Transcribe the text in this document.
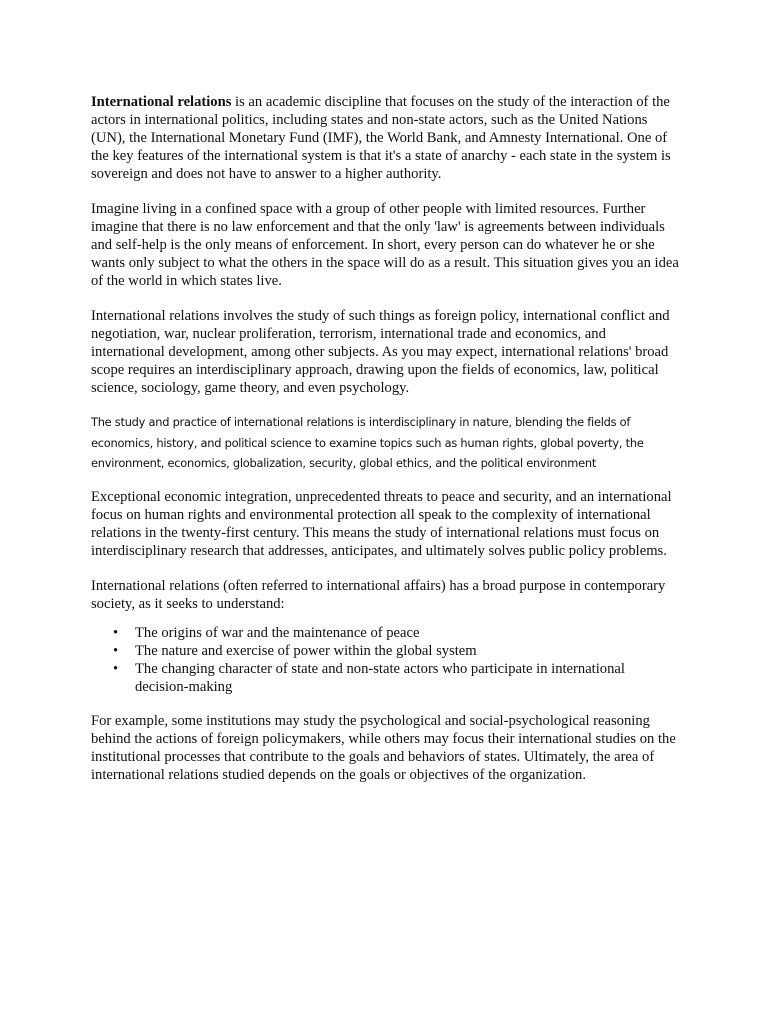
International relations is an academic discipline that focuses on the study of the interaction of the actors in international politics, including states and non-state actors, such as the United Nations (UN), the International Monetary Fund (IMF), the World Bank, and Amnesty International. One of the key features of the international system is that it's a state of anarchy - each state in the system is sovereign and does not have to answer to a higher authority.

Imagine living in a confined space with a group of other people with limited resources. Further imagine that there is no law enforcement and that the only 'law' is agreements between individuals and self-help is the only means of enforcement. In short, every person can do whatever he or she wants only subject to what the others in the space will do as a result. This situation gives you an idea of the world in which states live.

International relations involves the study of such things as foreign policy, international conflict and negotiation, war, nuclear proliferation, terrorism, international trade and economics, and international development, among other subjects. As you may expect, international relations' broad scope requires an interdisciplinary approach, drawing upon the fields of economics, law, political science, sociology, game theory, and even psychology.

The study and practice of international relations is interdisciplinary in nature, blending the fields of economics, history, and political science to examine topics such as human rights, global poverty, the environment, economics, globalization, security, global ethics, and the political environment

Exceptional economic integration, unprecedented threats to peace and security, and an international focus on human rights and environmental protection all speak to the complexity of international relations in the twenty-first century. This means the study of international relations must focus on interdisciplinary research that addresses, anticipates, and ultimately solves public policy problems.

International relations (often referred to international affairs) has a broad purpose in contemporary society, as it seeks to understand:

• The origins of war and the maintenance of peace
• The nature and exercise of power within the global system
• The changing character of state and non-state actors who participate in international decision-making

For example, some institutions may study the psychological and social-psychological reasoning behind the actions of foreign policymakers, while others may focus their international studies on the institutional processes that contribute to the goals and behaviors of states. Ultimately, the area of international relations studied depends on the goals or objectives of the organization.
